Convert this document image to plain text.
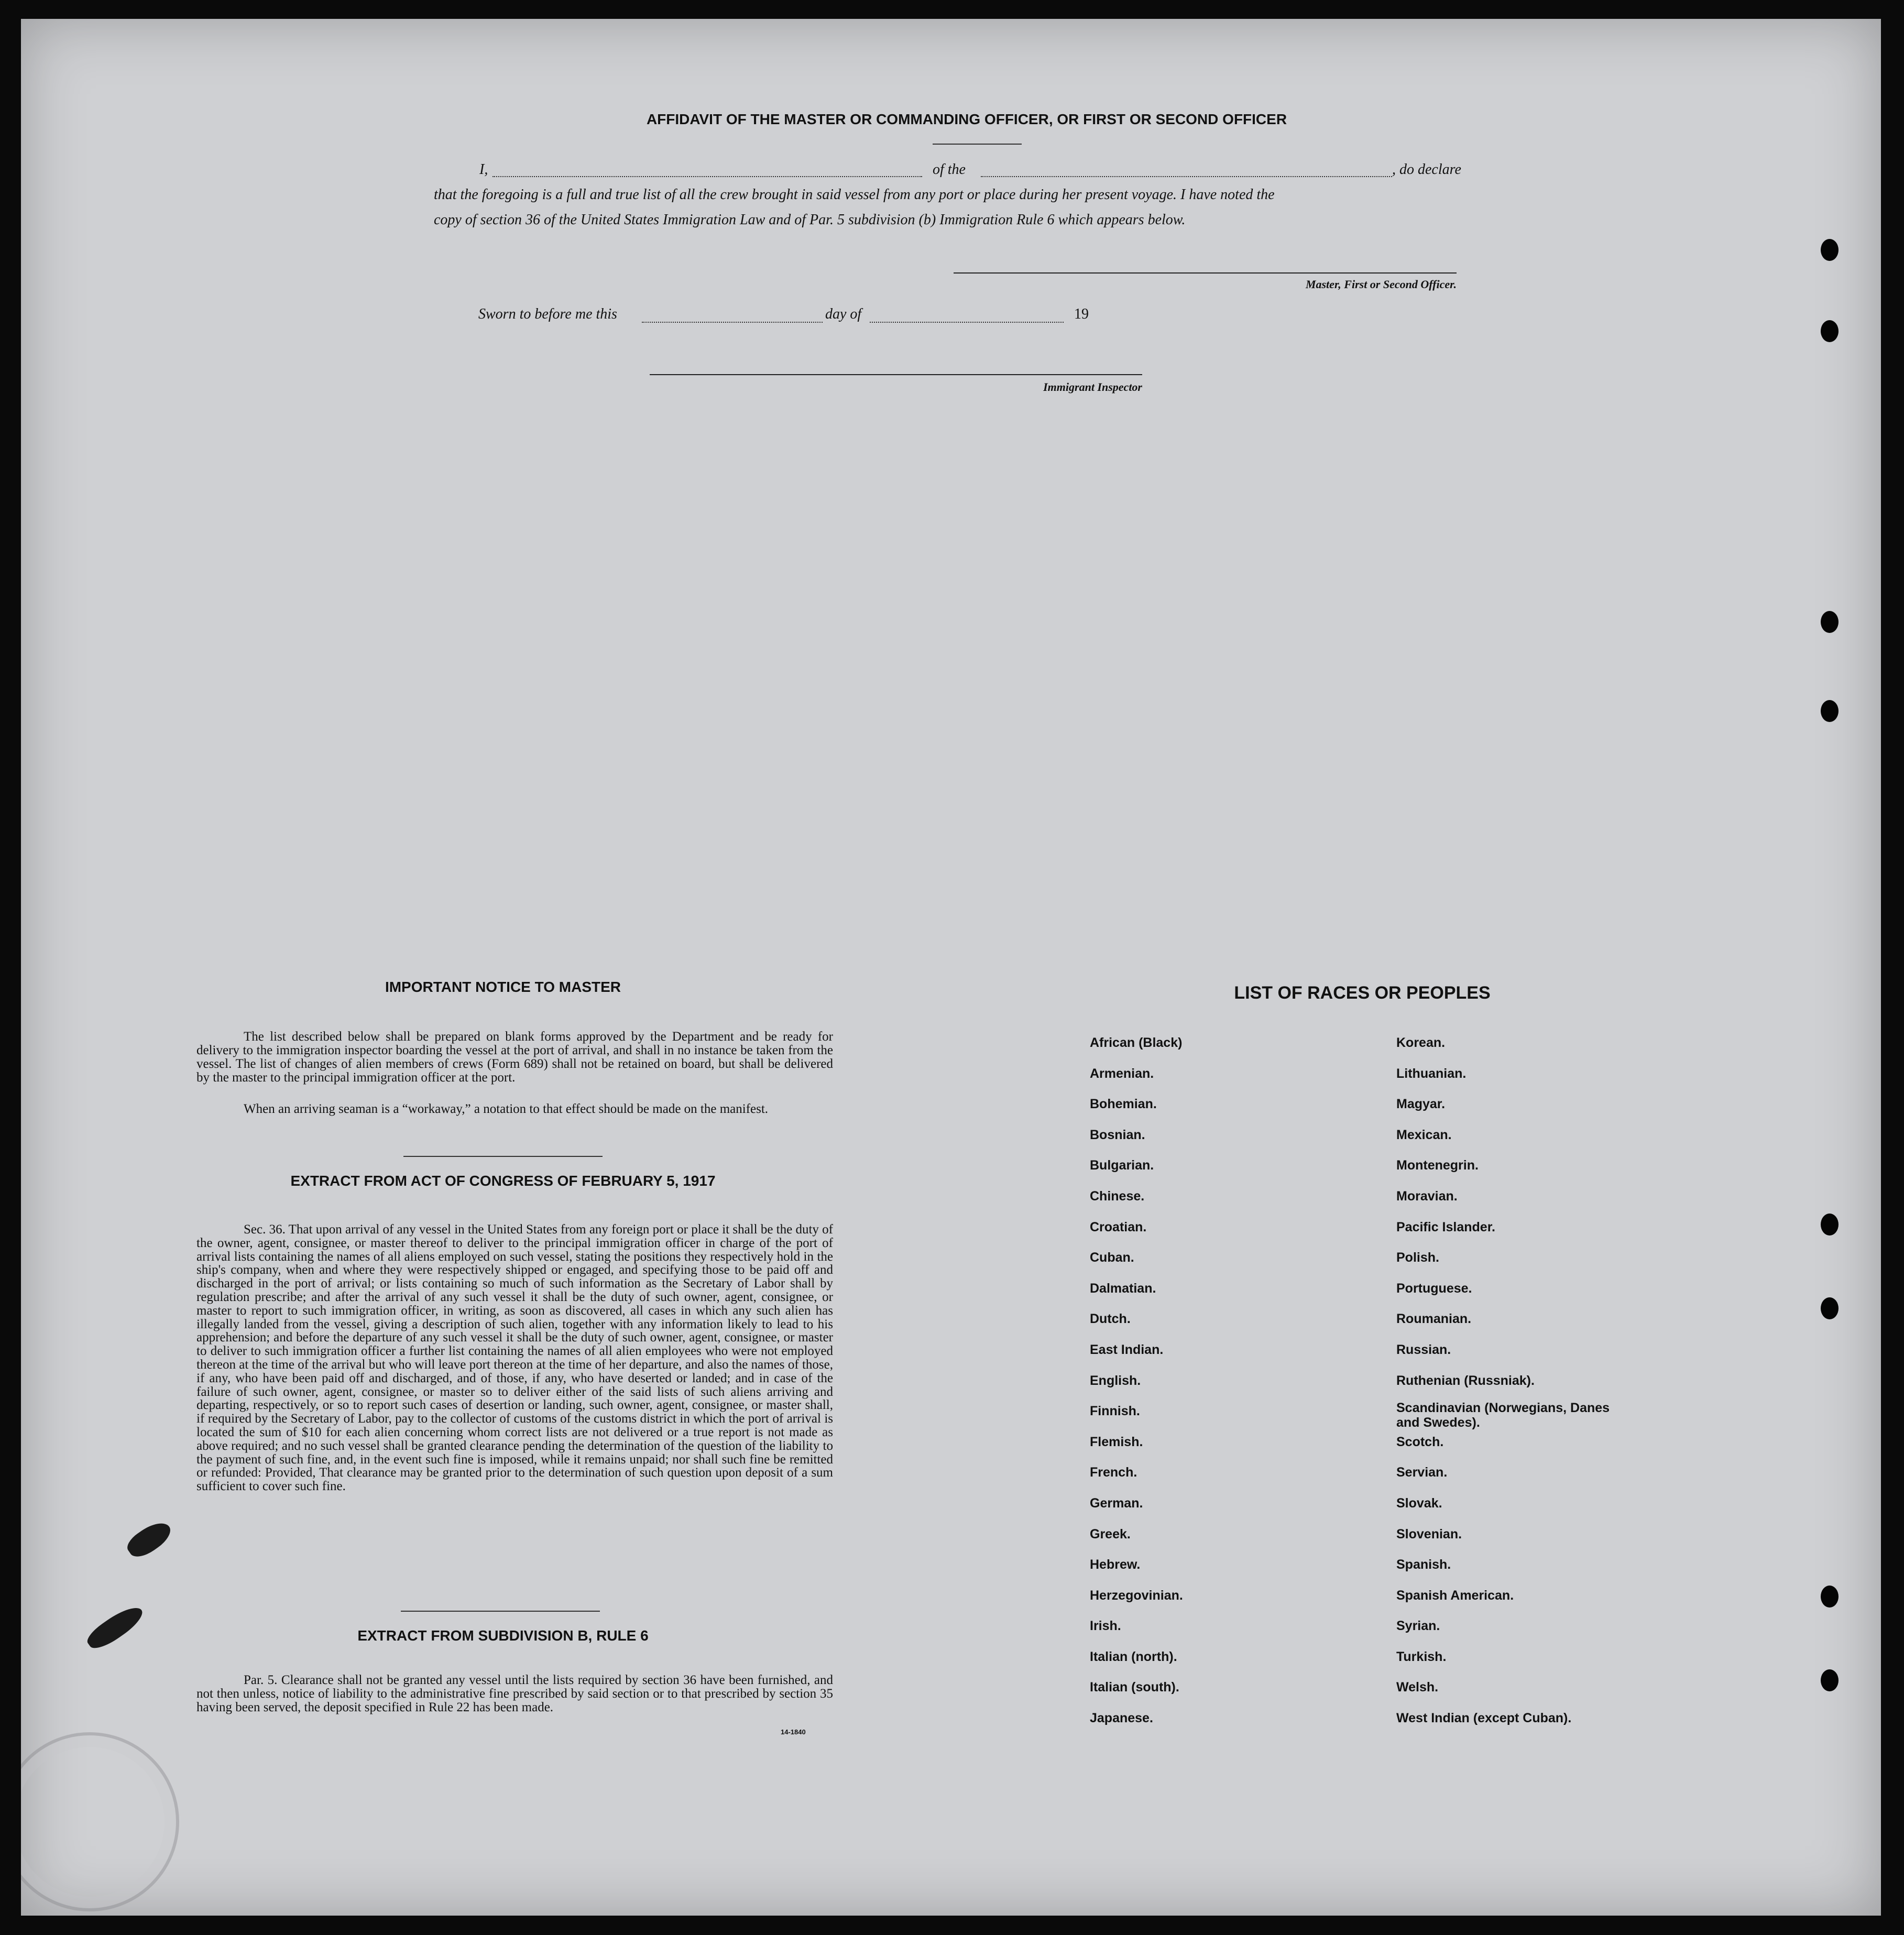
AFFIDAVIT OF THE MASTER OR COMMANDING OFFICER, OR FIRST OR SECOND OFFICER
I,	of the	, do declare
that the foregoing is a full and true list of all the crew brought in said vessel from any port or place during her present voyage. I have noted the
copy of section 36 of the United States Immigration Law and of Par. 5 subdivision (b) Immigration Rule 6 which appears below.
Master, First or Second Officer.
Sworn to before me this	day of	19
Immigrant Inspector
IMPORTANT NOTICE TO MASTER

The list described below shall be prepared on blank forms approved by the Department and be ready for delivery to the immigration inspector boarding the vessel at the port of arrival, and shall in no instance be taken from the vessel. The list of changes of alien members of crews (Form 689) shall not be retained on board, but shall be delivered by the master to the principal immigration officer at the port.

When an arriving seaman is a “workaway,” a notation to that effect should be made on the manifest.

EXTRACT FROM ACT OF CONGRESS OF FEBRUARY 5, 1917

Sec. 36. That upon arrival of any vessel in the United States from any foreign port or place it shall be the duty of the owner, agent, consignee, or master thereof to deliver to the principal immigration officer in charge of the port of arrival lists containing the names of all aliens employed on such vessel, stating the positions they respectively hold in the ship's company, when and where they were respectively shipped or engaged, and specifying those to be paid off and discharged in the port of arrival; or lists containing so much of such information as the Secretary of Labor shall by regulation prescribe; and after the arrival of any such vessel it shall be the duty of such owner, agent, consignee, or master to report to such immigration officer, in writing, as soon as discovered, all cases in which any such alien has illegally landed from the vessel, giving a description of such alien, together with any information likely to lead to his apprehension; and before the departure of any such vessel it shall be the duty of such owner, agent, consignee, or master to deliver to such immigration officer a further list containing the names of all alien employees who were not employed thereon at the time of the arrival but who will leave port thereon at the time of her departure, and also the names of those, if any, who have been paid off and discharged, and of those, if any, who have deserted or landed; and in case of the failure of such owner, agent, consignee, or master so to deliver either of the said lists of such aliens arriving and departing, respectively, or so to report such cases of desertion or landing, such owner, agent, consignee, or master shall, if required by the Secretary of Labor, pay to the collector of customs of the customs district in which the port of arrival is located the sum of $10 for each alien concerning whom correct lists are not delivered or a true report is not made as above required; and no such vessel shall be granted clearance pending the determination of the question of the liability to the payment of such fine, and, in the event such fine is imposed, while it remains unpaid; nor shall such fine be remitted or refunded: Provided, That clearance may be granted prior to the determination of such question upon deposit of a sum sufficient to cover such fine.

EXTRACT FROM SUBDIVISION B, RULE 6

Par. 5. Clearance shall not be granted any vessel until the lists required by section 36 have been furnished, and not then unless, notice of liability to the administrative fine prescribed by said section or to that prescribed by section 35 having been served, the deposit specified in Rule 22 has been made.

14-1840
LIST OF RACES OR PEOPLES
African (Black)	Korean.
Armenian.	Lithuanian.
Bohemian.	Magyar.
Bosnian.	Mexican.
Bulgarian.	Montenegrin.
Chinese.	Moravian.
Croatian.	Pacific Islander.
Cuban.	Polish.
Dalmatian.	Portuguese.
Dutch.	Roumanian.
East Indian.	Russian.
English.	Ruthenian (Russniak).
Finnish.	Scandinavian (Norwegians, Danes and Swedes).
Flemish.	Scotch.
French.	Servian.
German.	Slovak.
Greek.	Slovenian.
Hebrew.	Spanish.
Herzegovinian.	Spanish American.
Irish.	Syrian.
Italian (north).	Turkish.
Italian (south).	Welsh.
Japanese.	West Indian (except Cuban).
